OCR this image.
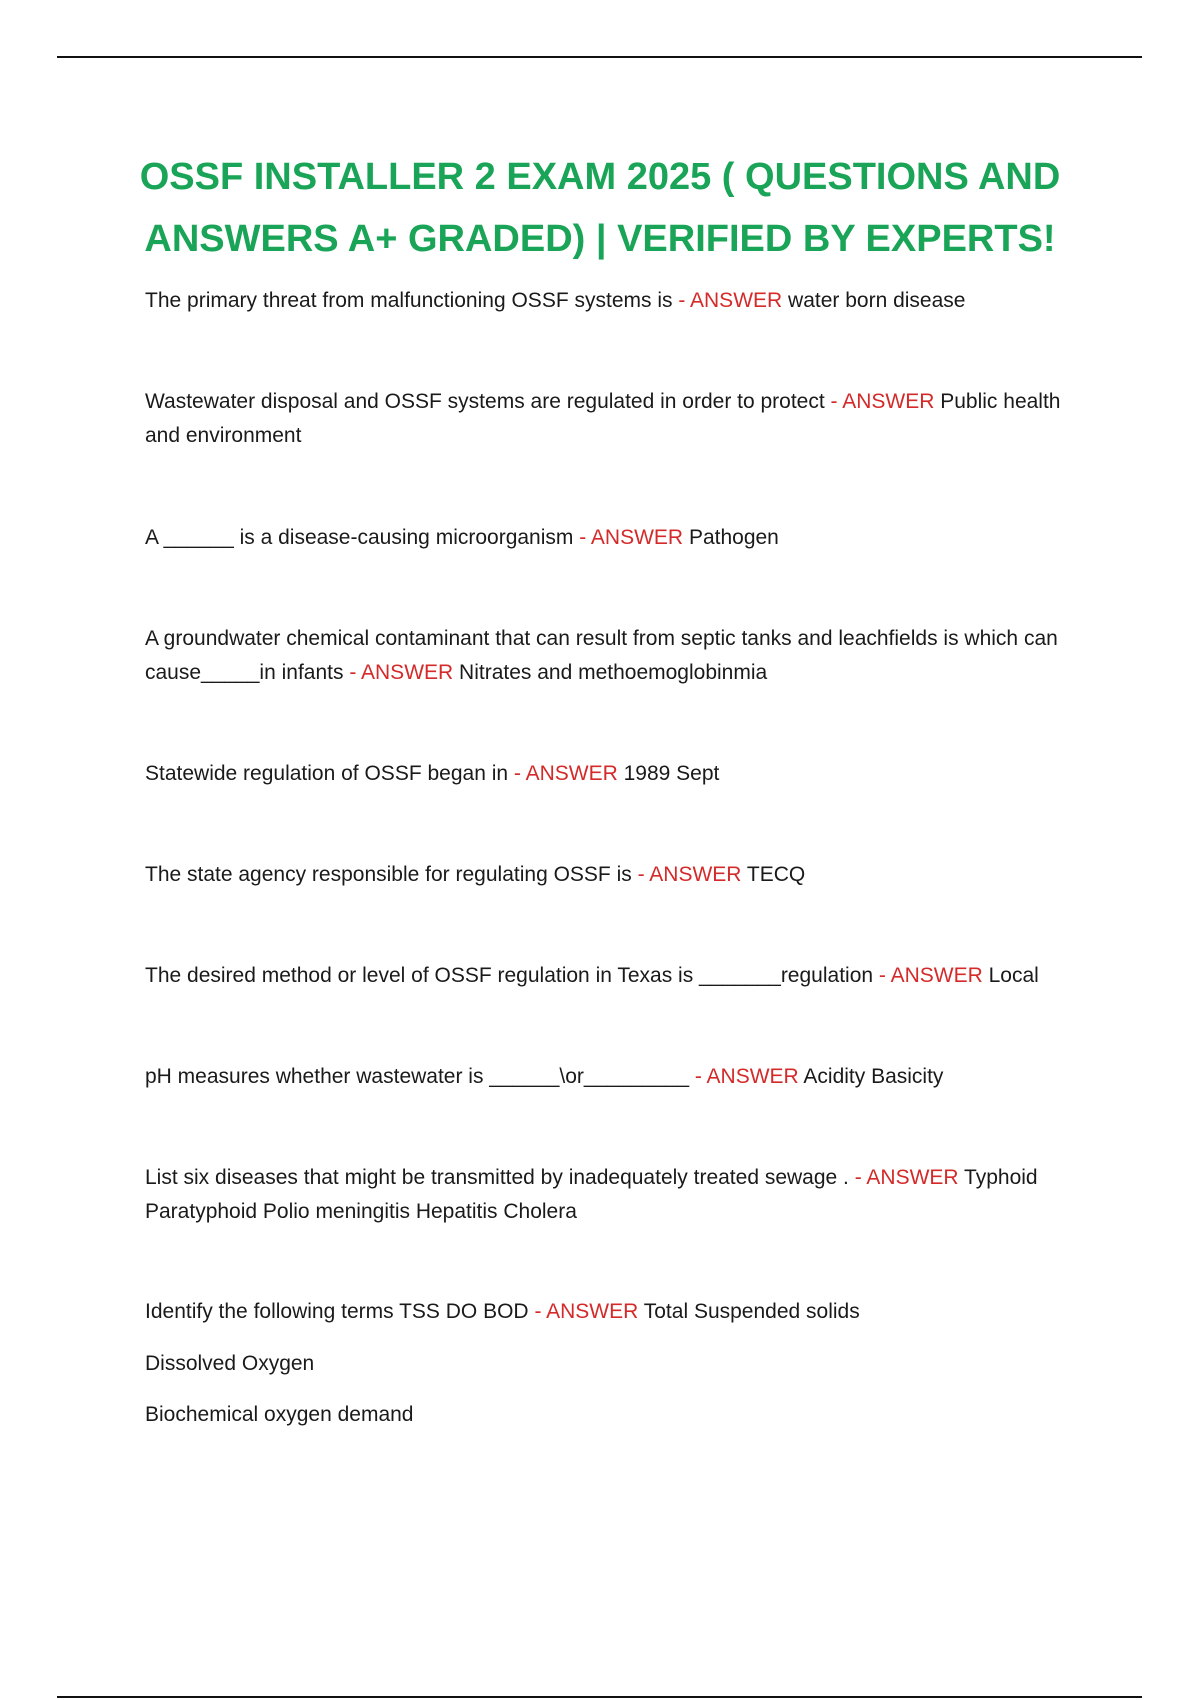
OSSF INSTALLER 2 EXAM 2025 ( QUESTIONS AND ANSWERS A+ GRADED) | VERIFIED BY EXPERTS!

The primary threat from malfunctioning OSSF systems is - ANSWER water born disease

Wastewater disposal and OSSF systems are regulated in order to protect - ANSWER Public health and environment

A ______ is a disease-causing microorganism - ANSWER Pathogen

A groundwater chemical contaminant that can result from septic tanks and leachfields is which can cause_____in infants - ANSWER Nitrates and methoemoglobinmia

Statewide regulation of OSSF began in - ANSWER 1989 Sept

The state agency responsible for regulating OSSF is - ANSWER TECQ

The desired method or level of OSSF regulation in Texas is _______regulation - ANSWER Local

pH measures whether wastewater is ______\or_________ - ANSWER Acidity Basicity

List six diseases that might be transmitted by inadequately treated sewage . - ANSWER Typhoid Paratyphoid Polio meningitis Hepatitis Cholera

Identify the following terms TSS DO BOD - ANSWER Total Suspended solids

Dissolved Oxygen

Biochemical oxygen demand
